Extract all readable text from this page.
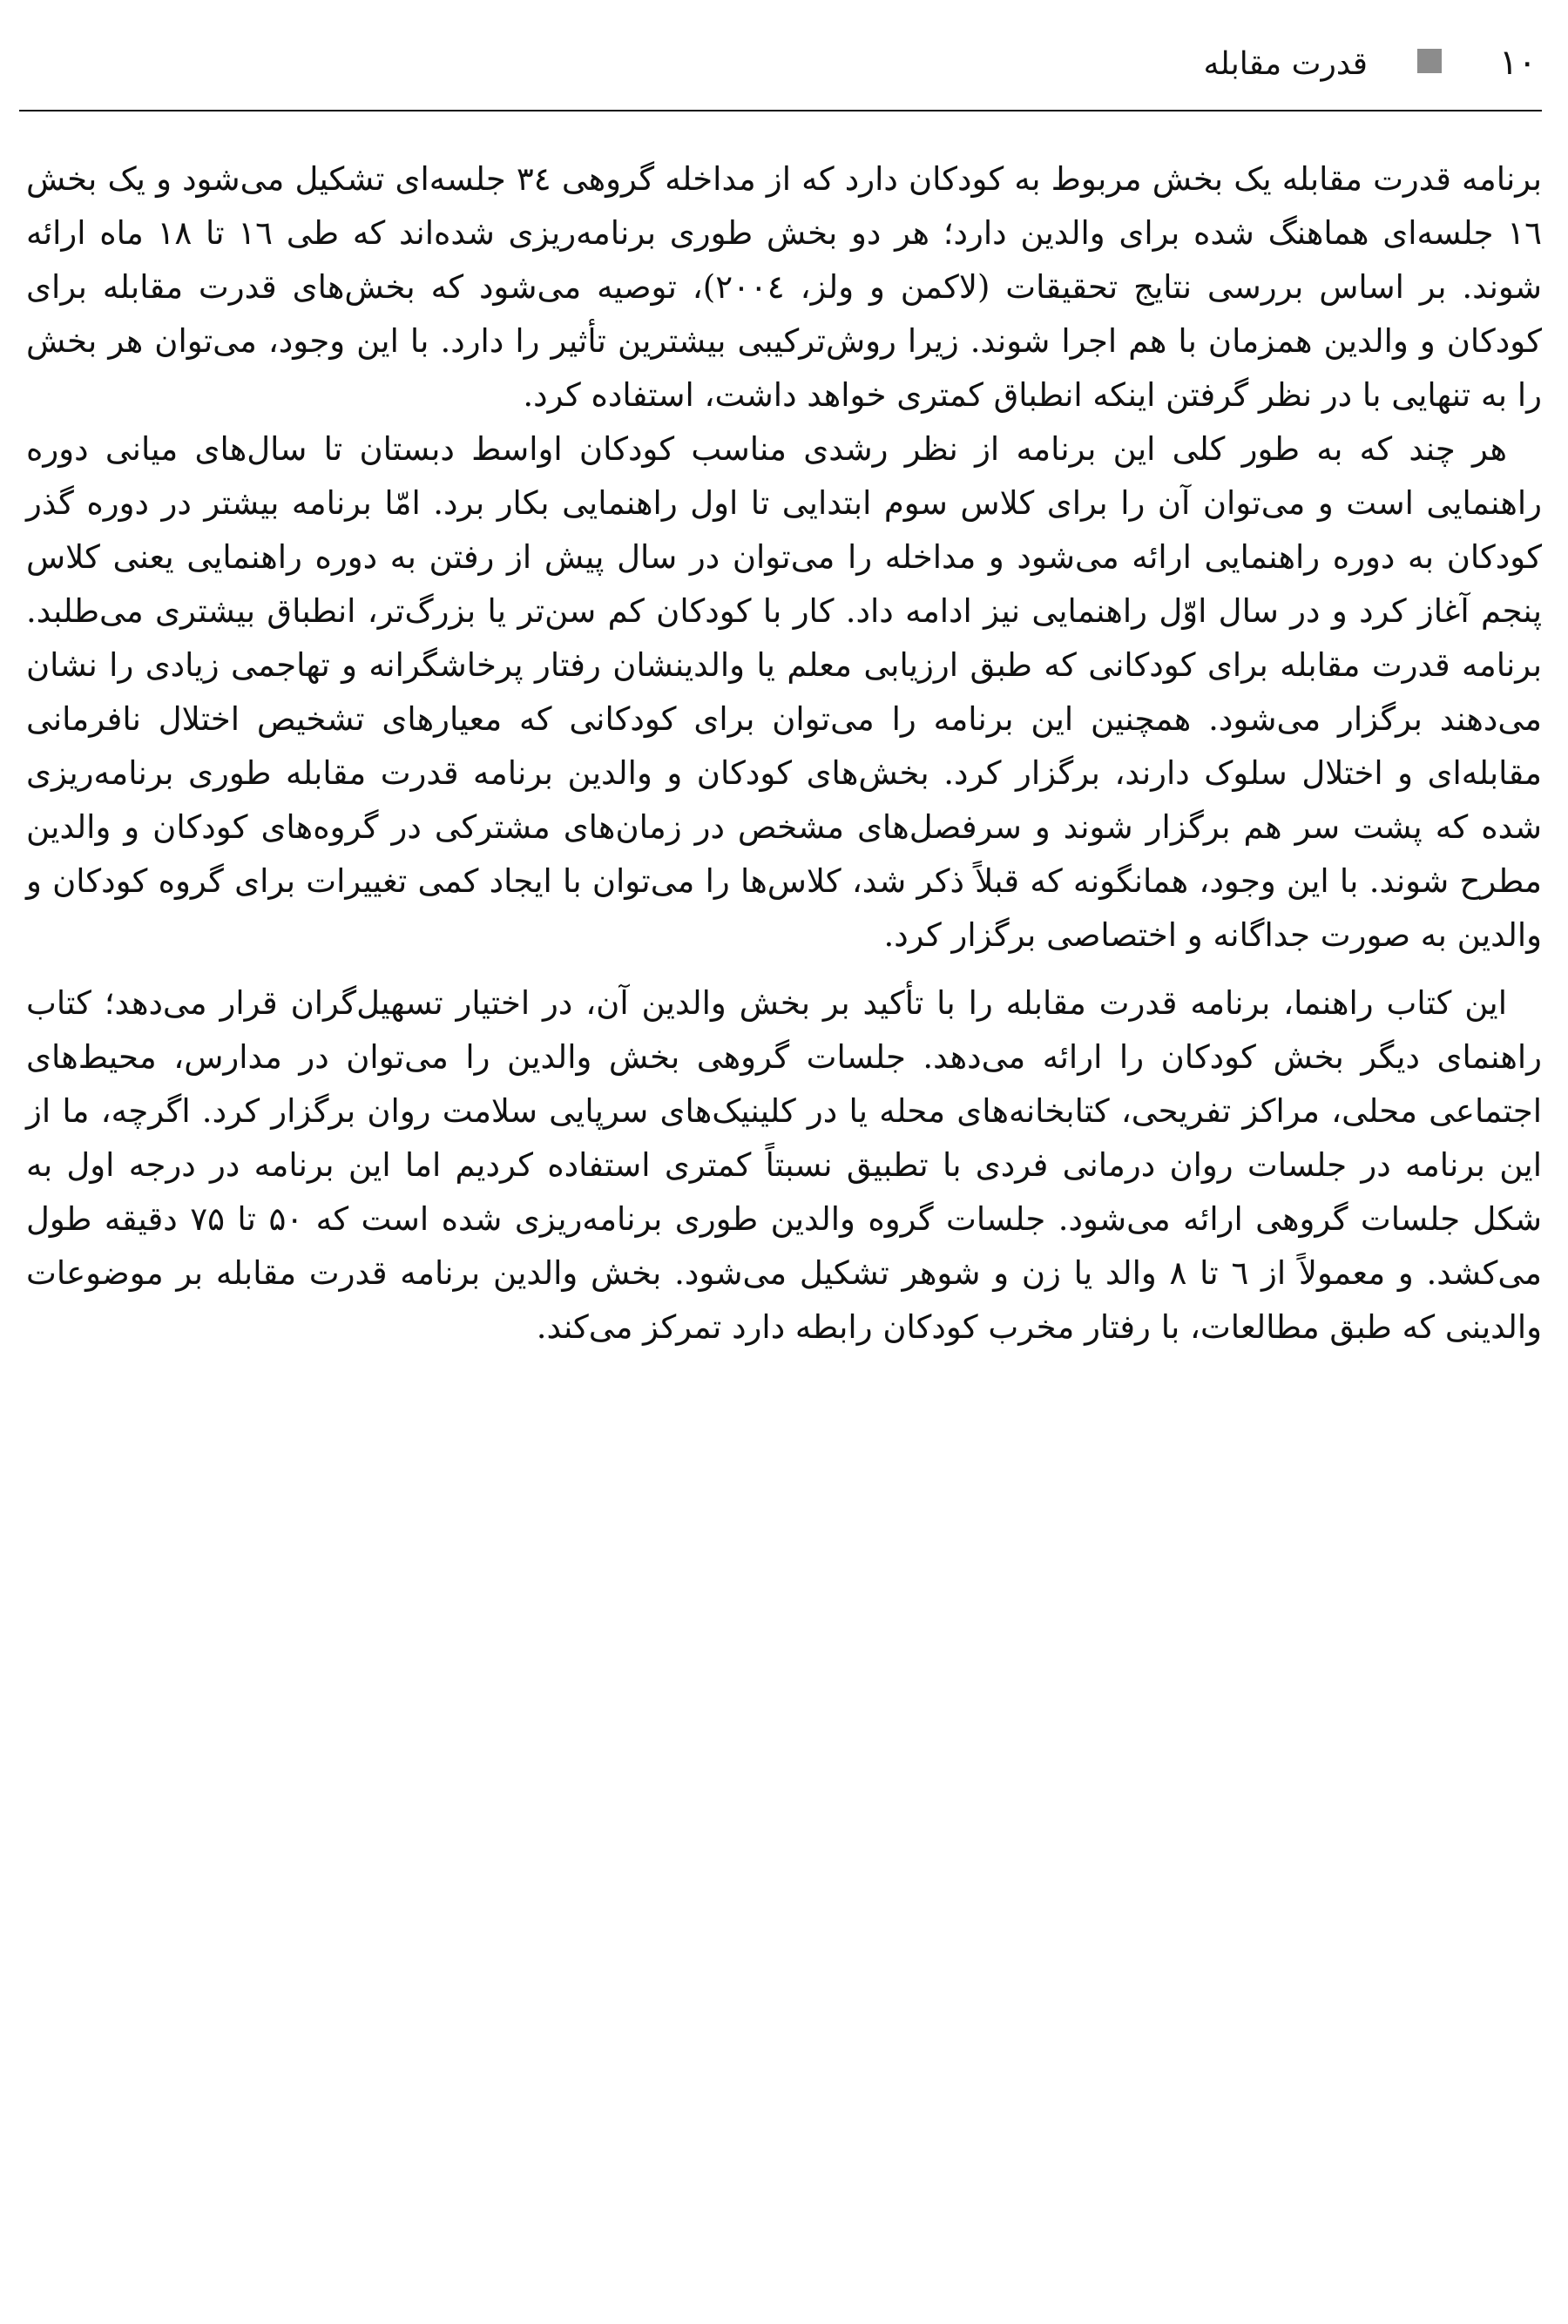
۱۰
قدرت مقابله

برنامه قدرت مقابله یک بخش مربوط به کودکان دارد که از مداخله گروهی ۳٤ جلسه‌ای تشکیل می‌شود و یک بخش ۱٦ جلسه‌ای هماهنگ شده برای والدین دارد؛ هر دو بخش طوری برنامه‌ریزی شده‌اند که طی ۱٦ تا ۱۸ ماه ارائه شوند. بر اساس بررسی نتایج تحقیقات (لاکمن و ولز، ۲۰۰٤)، توصیه می‌شود که بخش‌های قدرت مقابله برای کودکان و والدین همزمان با هم اجرا شوند. زیرا روش‌ترکیبی بیشترین تأثیر را دارد. با این وجود، می‌توان هر بخش را به تنهایی با در نظر گرفتن اینکه انطباق کمتری خواهد داشت، استفاده کرد.

هر چند که به طور کلی این برنامه از نظر رشدی مناسب کودکان اواسط دبستان تا سال‌های میانی دوره راهنمایی است و می‌توان آن را برای کلاس سوم ابتدایی تا اول راهنمایی بکار برد. امّا برنامه بیشتر در دوره گذر کودکان به دوره راهنمایی ارائه می‌شود و مداخله را می‌توان در سال پیش از رفتن به دوره راهنمایی یعنی کلاس پنجم آغاز کرد و در سال اوّل راهنمایی نیز ادامه داد. کار با کودکان کم سن‌تر یا بزرگ‌تر، انطباق بیشتری می‌طلبد. برنامه قدرت مقابله برای کودکانی که طبق ارزیابی معلم یا والدینشان رفتار پرخاشگرانه و تهاجمی زیادی را نشان می‌دهند برگزار می‌شود. همچنین این برنامه را می‌توان برای کودکانی که معیارهای تشخیص اختلال نافرمانی مقابله‌ای و اختلال سلوک دارند، برگزار کرد. بخش‌های کودکان و والدین برنامه قدرت مقابله طوری برنامه‌ریزی شده که پشت سر هم برگزار شوند و سرفصل‌های مشخص در زمان‌های مشترکی در گروه‌های کودکان و والدین مطرح شوند. با این وجود، همانگونه که قبلاً ذکر شد، کلاس‌ها را می‌توان با ایجاد کمی تغییرات برای گروه کودکان و والدین به صورت جداگانه و اختصاصی برگزار کرد.

این کتاب راهنما، برنامه قدرت مقابله را با تأکید بر بخش والدین آن، در اختیار تسهیل‌گران قرار می‌دهد؛ کتاب راهنمای دیگر بخش کودکان را ارائه می‌دهد. جلسات گروهی بخش والدین را می‌توان در مدارس، محیط‌های اجتماعی محلی، مراکز تفریحی، کتابخانه‌های محله یا در کلینیک‌های سرپایی سلامت روان برگزار کرد. اگرچه، ما از این برنامه در جلسات روان درمانی فردی با تطبیق نسبتاً کمتری استفاده کردیم اما این برنامه در درجه اول به شکل جلسات گروهی ارائه می‌شود. جلسات گروه والدین طوری برنامه‌ریزی شده است که ۵۰ تا ۷۵ دقیقه طول می‌کشد. و معمولاً از ٦ تا ۸ والد یا زن و شوهر تشکیل می‌شود. بخش والدین برنامه قدرت مقابله بر موضوعات والدینی که طبق مطالعات، با رفتار مخرب کودکان رابطه دارد تمرکز می‌کند.
